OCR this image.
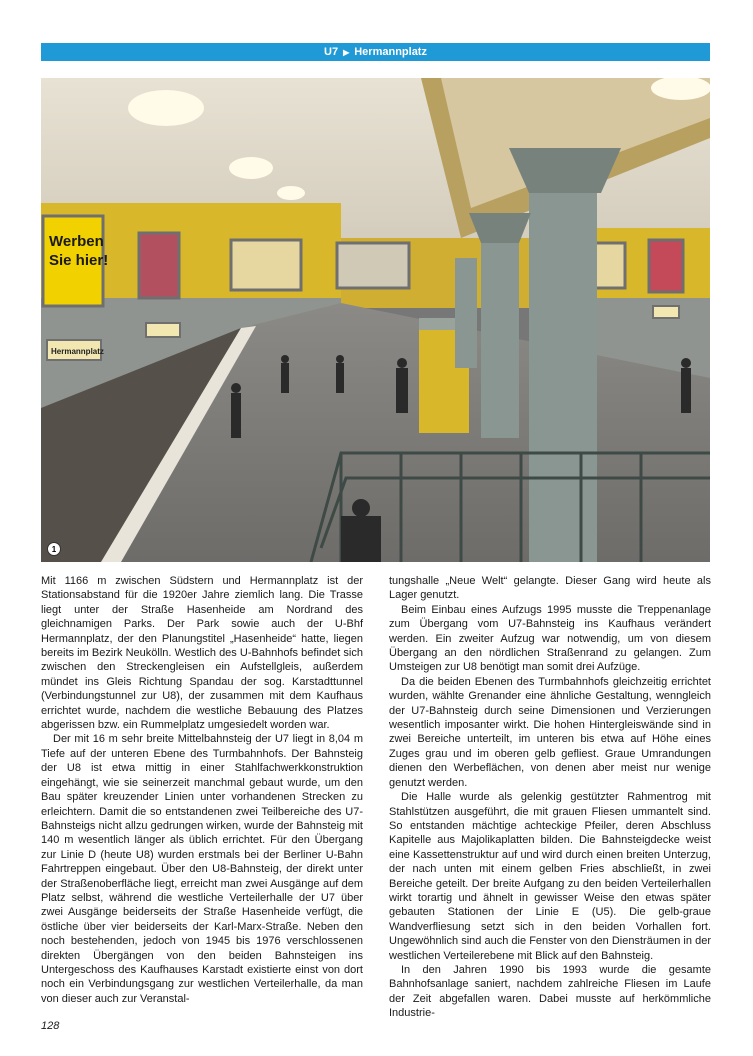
U7 ▶ Hermannplatz
Werben
Sie hier!
Hermannplatz
1

Mit 1166 m zwischen Südstern und Hermannplatz ist der Stationsabstand für die 1920er Jahre ziemlich lang. Die Trasse liegt unter der Straße Hasenheide am Nordrand des gleichnamigen Parks. Der Park sowie auch der U-Bhf Hermannplatz, der den Planungstitel „Hasenheide“ hatte, liegen bereits im Bezirk Neukölln. Westlich des U-Bahnhofs befindet sich zwischen den Streckengleisen ein Aufstellgleis, außerdem mündet ins Gleis Richtung Spandau der sog. Karstadttunnel (Verbindungstunnel zur U8), der zusammen mit dem Kaufhaus errichtet wurde, nachdem die westliche Bebauung des Platzes abgerissen bzw. ein Rummelplatz umgesiedelt worden war.

Der mit 16 m sehr breite Mittelbahnsteig der U7 liegt in 8,04 m Tiefe auf der unteren Ebene des Turmbahnhofs. Der Bahnsteig der U8 ist etwa mittig in einer Stahlfachwerkkonstruktion eingehängt, wie sie seinerzeit manchmal gebaut wurde, um den Bau später kreuzender Linien unter vorhandenen Strecken zu erleichtern. Damit die so entstandenen zwei Teilbereiche des U7-Bahnsteigs nicht allzu gedrungen wirken, wurde der Bahnsteig mit 140 m wesentlich länger als üblich errichtet. Für den Übergang zur Linie D (heute U8) wurden erstmals bei der Berliner U-Bahn Fahrtreppen eingebaut. Über den U8-Bahnsteig, der direkt unter der Straßenoberfläche liegt, erreicht man zwei Ausgänge auf dem Platz selbst, während die westliche Verteilerhalle der U7 über zwei Ausgänge beiderseits der Straße Hasenheide verfügt, die östliche über vier beiderseits der Karl-Marx-Straße. Neben den noch bestehenden, jedoch von 1945 bis 1976 verschlossenen direkten Übergängen von den beiden Bahnsteigen ins Untergeschoss des Kaufhauses Karstadt existierte einst von dort noch ein Verbindungsgang zur westlichen Verteilerhalle, da man von dieser auch zur Veranstal-

tungshalle „Neue Welt“ gelangte. Dieser Gang wird heute als Lager genutzt.

Beim Einbau eines Aufzugs 1995 musste die Treppenanlage zum Übergang vom U7-Bahnsteig ins Kaufhaus verändert werden. Ein zweiter Aufzug war notwendig, um von diesem Übergang an den nördlichen Straßenrand zu gelangen. Zum Umsteigen zur U8 benötigt man somit drei Aufzüge.

Da die beiden Ebenen des Turmbahnhofs gleichzeitig errichtet wurden, wählte Grenander eine ähnliche Gestaltung, wenngleich der U7-Bahnsteig durch seine Dimensionen und Verzierungen wesentlich imposanter wirkt. Die hohen Hintergleiswände sind in zwei Bereiche unterteilt, im unteren bis etwa auf Höhe eines Zuges grau und im oberen gelb gefliest. Graue Umrandungen dienen den Werbeflächen, von denen aber meist nur wenige genutzt werden.

Die Halle wurde als gelenkig gestützter Rahmentrog mit Stahlstützen ausgeführt, die mit grauen Fliesen ummantelt sind. So entstanden mächtige achteckige Pfeiler, deren Abschluss Kapitelle aus Majolikaplatten bilden. Die Bahnsteigdecke weist eine Kassettenstruktur auf und wird durch einen breiten Unterzug, der nach unten mit einem gelben Fries abschließt, in zwei Bereiche geteilt. Der breite Aufgang zu den beiden Verteilerhallen wirkt torartig und ähnelt in gewisser Weise den etwas später gebauten Stationen der Linie E (U5). Die gelb-graue Wandverfliesung setzt sich in den beiden Vorhallen fort. Ungewöhnlich sind auch die Fenster von den Diensträumen in der westlichen Verteilerebene mit Blick auf den Bahnsteig.

In den Jahren 1990 bis 1993 wurde die gesamte Bahnhofsanlage saniert, nachdem zahlreiche Fliesen im Laufe der Zeit abgefallen waren. Dabei musste auf herkömmliche Industrie-

128
